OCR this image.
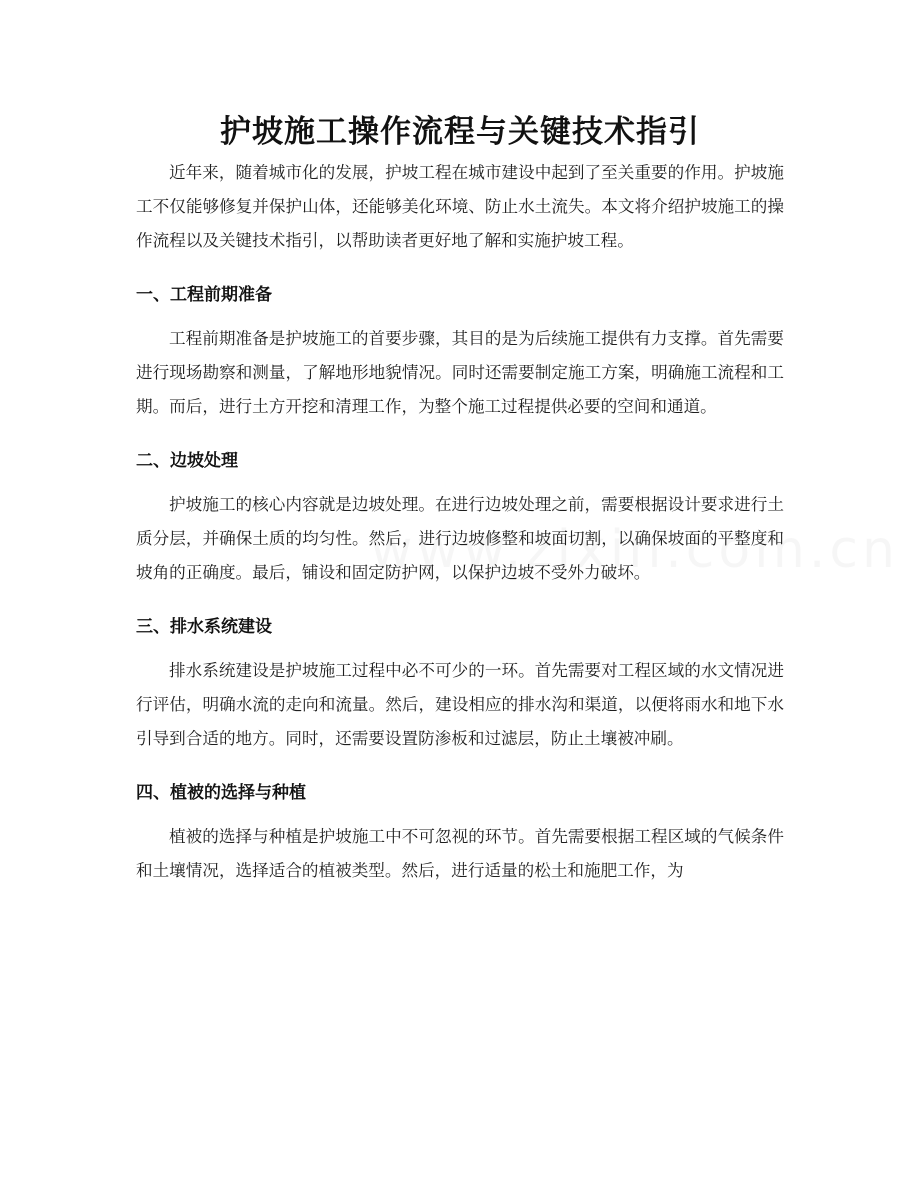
护坡施工操作流程与关键技术指引

近年来，随着城市化的发展，护坡工程在城市建设中起到了至关重要的作用。护坡施工不仅能够修复并保护山体，还能够美化环境、防止水土流失。本文将介绍护坡施工的操作流程以及关键技术指引，以帮助读者更好地了解和实施护坡工程。

一、工程前期准备

工程前期准备是护坡施工的首要步骤，其目的是为后续施工提供有力支撑。首先需要进行现场勘察和测量，了解地形地貌情况。同时还需要制定施工方案，明确施工流程和工期。而后，进行土方开挖和清理工作，为整个施工过程提供必要的空间和通道。

二、边坡处理

护坡施工的核心内容就是边坡处理。在进行边坡处理之前，需要根据设计要求进行土质分层，并确保土质的均匀性。然后，进行边坡修整和坡面切割，以确保坡面的平整度和坡角的正确度。最后，铺设和固定防护网，以保护边坡不受外力破坏。

三、排水系统建设

排水系统建设是护坡施工过程中必不可少的一环。首先需要对工程区域的水文情况进行评估，明确水流的走向和流量。然后，建设相应的排水沟和渠道，以便将雨水和地下水引导到合适的地方。同时，还需要设置防渗板和过滤层，防止土壤被冲刷。

四、植被的选择与种植

植被的选择与种植是护坡施工中不可忽视的环节。首先需要根据工程区域的气候条件和土壤情况，选择适合的植被类型。然后，进行适量的松土和施肥工作，为
